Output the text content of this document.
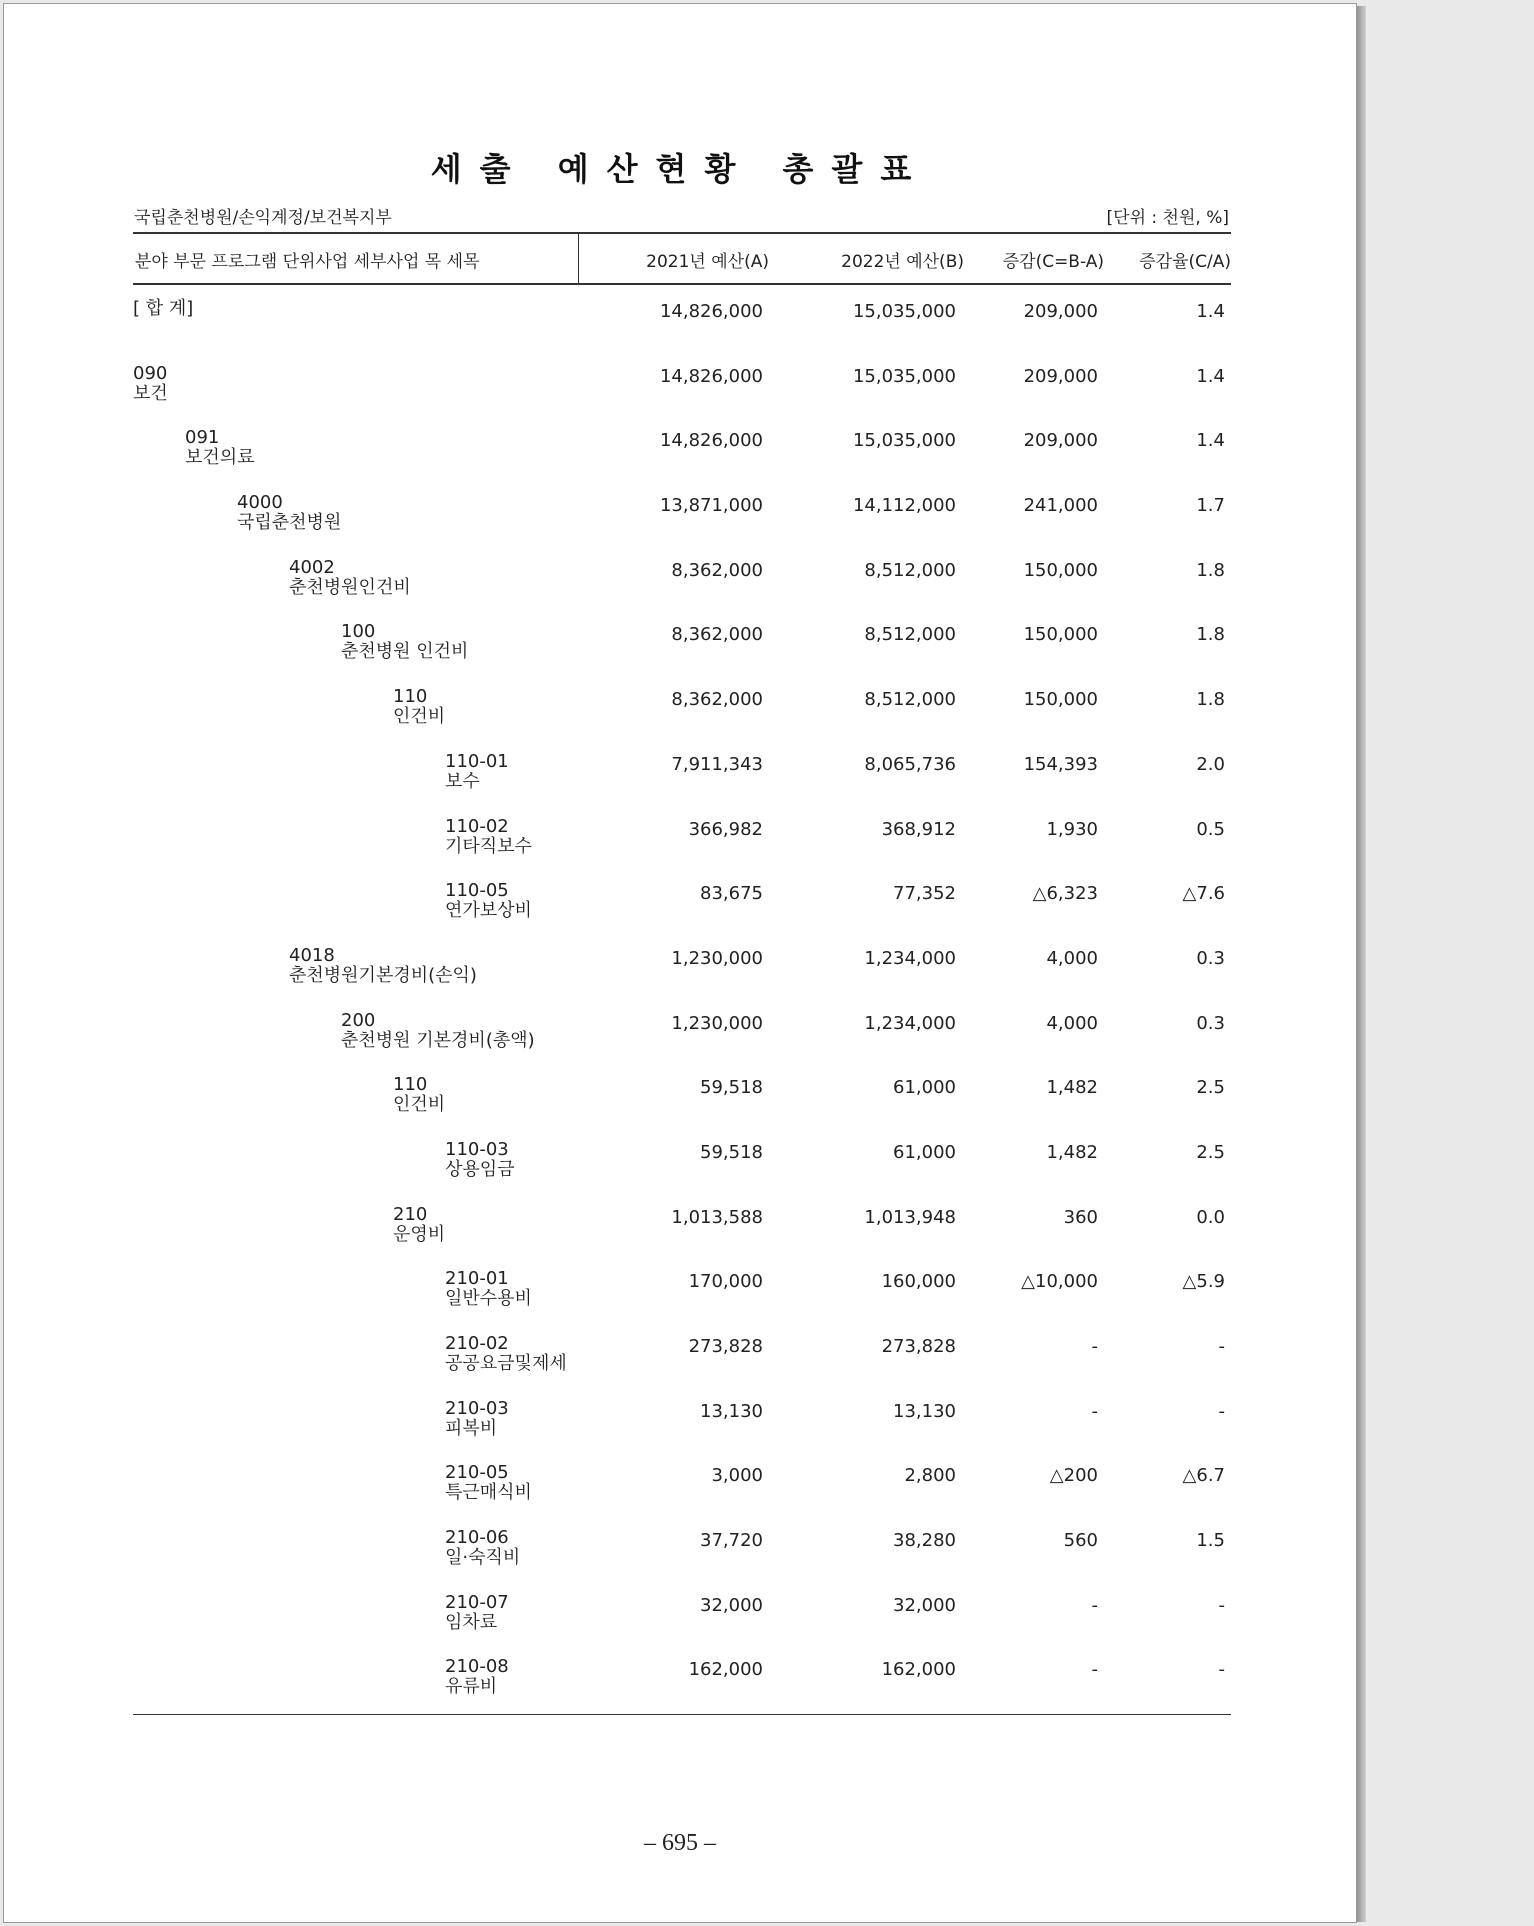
세출 예산현황 총괄표
국립춘천병원/손익계정/보건복지부	[단위 : 천원, %]
분야 부문 프로그램 단위사업 세부사업 목 세목	2021년 예산(A)	2022년 예산(B)	증감(C=B-A)	증감율(C/A)
[ 합 계]	14,826,000	15,035,000	209,000	1.4
090
보건
14,826,000	15,035,000	209,000	1.4
091
보건의료
14,826,000	15,035,000	209,000	1.4
4000
국립춘천병원
13,871,000	14,112,000	241,000	1.7
4002
춘천병원인건비
8,362,000	8,512,000	150,000	1.8
100
춘천병원 인건비
8,362,000	8,512,000	150,000	1.8
110
인건비
8,362,000	8,512,000	150,000	1.8
110-01
보수
7,911,343	8,065,736	154,393	2.0
110-02
기타직보수
366,982	368,912	1,930	0.5
110-05
연가보상비
83,675	77,352	△6,323	△7.6
4018
춘천병원기본경비(손익)
1,230,000	1,234,000	4,000	0.3
200
춘천병원 기본경비(총액)
1,230,000	1,234,000	4,000	0.3
110
인건비
59,518	61,000	1,482	2.5
110-03
상용임금
59,518	61,000	1,482	2.5
210
운영비
1,013,588	1,013,948	360	0.0
210-01
일반수용비
170,000	160,000	△10,000	△5.9
210-02
공공요금및제세
273,828	273,828	-	-
210-03
피복비
13,130	13,130	-	-
210-05
특근매식비
3,000	2,800	△200	△6.7
210-06
일·숙직비
37,720	38,280	560	1.5
210-07
임차료
32,000	32,000	-	-
210-08
유류비
162,000	162,000	-	-
– 695 –
